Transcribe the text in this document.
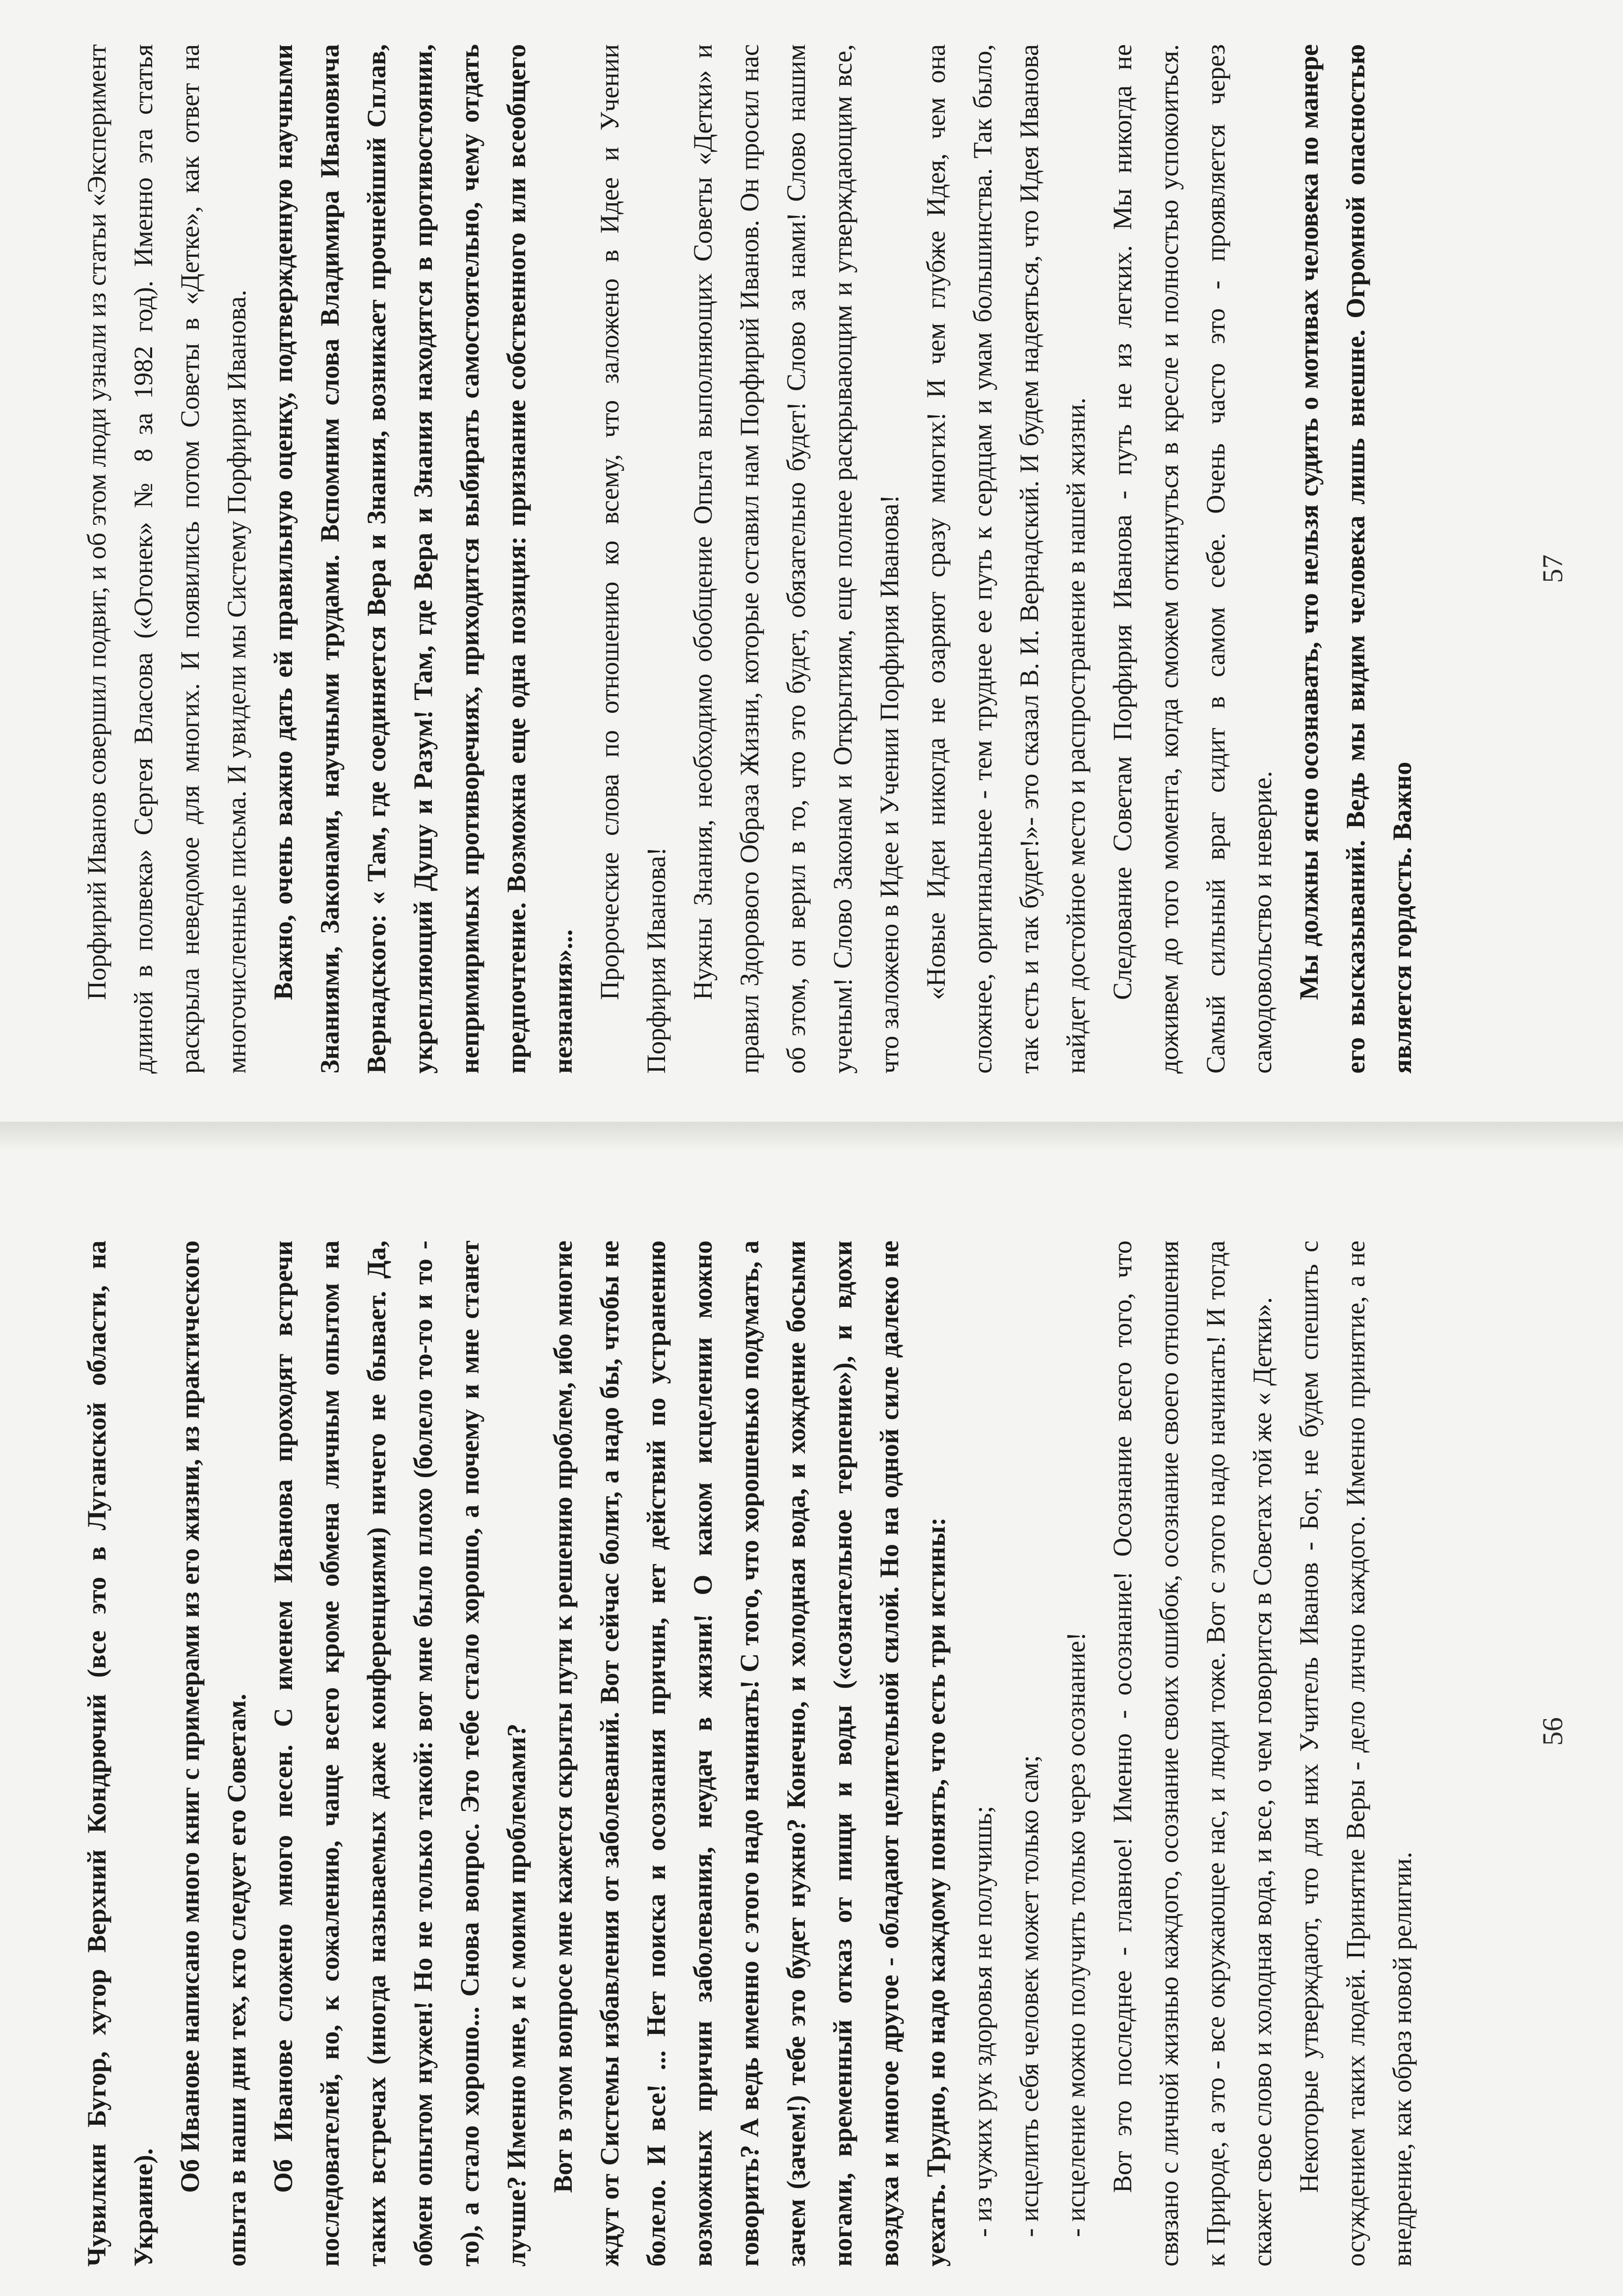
Чувилкин Бугор, хутор Верхний Кондрючий (все это в Луганской области, на Украине).

Об Иванове написано много книг с примерами из его жизни, из практического опыта в наши дни тех, кто следует его Советам. Об Иванове сложено много песен. С именем Иванова проходят встречи последователей, но, к сожалению, чаще всего кроме обмена личным опытом на таких встречах (иногда называемых даже конференциями) ничего не бывает. Да, обмен опытом нужен! Но не только такой: вот мне было плохо (болело то-то и то - то), а стало хорошо... Снова вопрос. Это тебе стало хорошо, а почему и мне станет лучше? Именно мне, и с моими проблемами? Вот в этом вопросе мне кажется скрыты пути к решению проблем, ибо многие ждут от Системы избавления от заболеваний. Вот сейчас болит, а надо бы, чтобы не болело. И все! ... Нет поиска и осознания причин, нет действий по устранению возможных причин заболевания, неудач в жизни! О каком исцелении можно говорить? А ведь именно с этого надо начинать! С того, что хорошенько подумать, а зачем (зачем!) тебе это будет нужно? Конечно, и холодная вода, и хождение босыми ногами, временный отказ от пищи и воды («сознательное терпение»), и вдохи воздуха и многое другое - обладают целительной силой. Но на одной силе далеко не уехать. Трудно, но надо каждому понять, что есть три истины: - из чужих рук здоровья не получишь; - исцелить себя человек может только сам; - исцеление можно получить только через осознание! Вот это последнее - главное! Именно - осознание! Осознание всего того, что связано с личной жизнью каждого, осознание своих ошибок, осознание своего отношения к Природе, а это - все окружающее нас, и люди тоже. Вот с этого надо начинать! И тогда скажет свое слово и холодная вода, и все, о чем говорится в Советах той же « Детки». Некоторые утверждают, что для них Учитель Иванов - Бог, не будем спешить с осуждением таких людей. Принятие Веры - дело лично каждого. Именно принятие, а не внедрение, как образ новой религии.

56

Порфирий Иванов совершил подвиг, и об этом люди узнали из статьи «Эксперимент длиной в полвека» Сергея Власова («Огонек» № 8 за 1982 год). Именно эта статья раскрыла неведомое для многих. И появились потом Советы в «Детке», как ответ на многочисленные письма. И увидели мы Систему Порфирия Иванова. Важно, очень важно дать ей правильную оценку, подтвержденную научными Знаниями, Законами, научными трудами. Вспомним слова Владимира Ивановича Вернадского: « Там, где соединяется Вера и Знания, возникает прочнейший Сплав, укрепляющий Душу и Разум! Там, где Вера и Знания находятся в противостоянии, непримиримых противоречиях, приходится выбирать самостоятельно, чему отдать предпочтение. Возможна еще одна позиция: признание собственного или всеобщего незнания»...

Пророческие слова по отношению ко всему, что заложено в Идее и Учении Порфирия Иванова! Нужны Знания, необходимо обобщение Опыта выполняющих Советы «Детки» и правил Здорового Образа Жизни, которые оставил нам Порфирий Иванов. Он просил нас об этом, он верил в то, что это будет, обязательно будет! Слово за нами! Слово нашим ученым! Слово Законам и Открытиям, еще полнее раскрывающим и утверждающим все, что заложено в Идее и Учении Порфирия Иванова! «Новые Идеи никогда не озаряют сразу многих! И чем глубже Идея, чем она сложнее, оригинальнее - тем труднее ее путь к сердцам и умам большинства. Так было, так есть и так будет!»- это сказал В. И. Вернадский. И будем надеяться, что Идея Иванова найдет достойное место и распространение в нашей жизни. Следование Советам Порфирия Иванова - путь не из легких. Мы никогда не доживем до того момента, когда сможем откинуться в кресле и полностью успокоиться. Самый сильный враг сидит в самом себе. Очень часто это - проявляется через самодовольство и неверие. Мы должны ясно осознавать, что нельзя судить о мотивах человека по манере его высказываний. Ведь мы видим человека лишь внешне. Огромной опасностью является гордость. Важно

57
